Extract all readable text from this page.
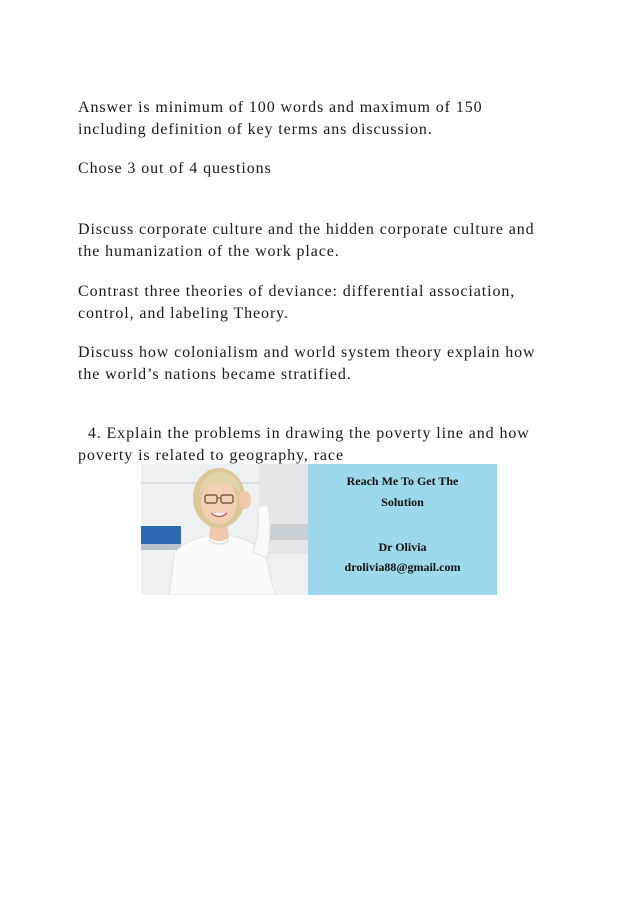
Answer is minimum of 100 words and maximum of 150
including definition of key terms ans discussion.

Chose 3 out of 4 questions

Discuss corporate culture and the hidden corporate culture and
the humanization of the work place.

Contrast three theories of deviance: differential association,
control, and labeling Theory.

Discuss how colonialism and world system theory explain how
the world’s nations became stratified.

4. Explain the problems in drawing the poverty line and how
poverty is related to geography, race

Reach Me To Get The
Solution
Dr Olivia
drolivia88@gmail.com
